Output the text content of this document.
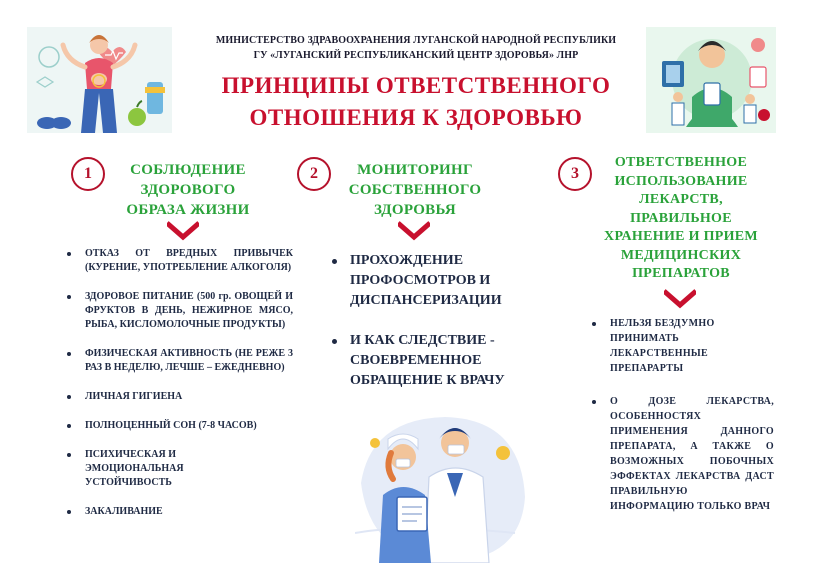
МИНИСТЕРСТВО ЗДРАВООХРАНЕНИЯ ЛУГАНСКОЙ НАРОДНОЙ РЕСПУБЛИКИ
ГУ «ЛУГАНСКИЙ РЕСПУБЛИКАНСКИЙ ЦЕНТР ЗДОРОВЬЯ» ЛНР
ПРИНЦИПЫ ОТВЕТСТВЕННОГО
ОТНОШЕНИЯ К ЗДОРОВЬЮ
1	СОБЛЮДЕНИЕ
ЗДОРОВОГО
ОБРАЗА ЖИЗНИ
ОТКАЗ ОТ ВРЕДНЫХ ПРИВЫЧЕК (КУРЕНИЕ, УПОТРЕБЛЕНИЕ АЛКОГОЛЯ)
ЗДОРОВОЕ ПИТАНИЕ (500 гр. ОВОЩЕЙ И ФРУКТОВ В ДЕНЬ, НЕЖИРНОЕ МЯСО, РЫБА, КИСЛОМОЛОЧНЫЕ ПРОДУКТЫ)
ФИЗИЧЕСКАЯ АКТИВНОСТЬ (НЕ РЕЖЕ 3 РАЗ В НЕДЕЛЮ, ЛЕЧШЕ – ЕЖЕДНЕВНО)
ЛИЧНАЯ ГИГИЕНА
ПОЛНОЦЕННЫЙ СОН (7-8 ЧАСОВ)
ПСИХИЧЕСКАЯ И ЭМОЦИОНАЛЬНАЯ УСТОЙЧИВОСТЬ
ЗАКАЛИВАНИЕ
2	МОНИТОРИНГ
СОБСТВЕННОГО
ЗДОРОВЬЯ
ПРОХОЖДЕНИЕ ПРОФОСМОТРОВ И ДИСПАНСЕРИЗАЦИИ
И КАК СЛЕДСТВИЕ - СВОЕВРЕМЕННОЕ ОБРАЩЕНИЕ К ВРАЧУ
3
ОТВЕТСТВЕННОЕ
ИСПОЛЬЗОВАНИЕ
ЛЕКАРСТВ,
ПРАВИЛЬНОЕ
ХРАНЕНИЕ И ПРИЕМ
МЕДИЦИНСКИХ
ПРЕПАРАТОВ
НЕЛЬЗЯ БЕЗДУМНО ПРИНИМАТЬ ЛЕКАРСТВЕННЫЕ ПРЕПАРАРТЫ
О ДОЗЕ ЛЕКАРСТВА, ОСОБЕННОСТЯХ ПРИМЕНЕНИЯ ДАННОГО ПРЕПАРАТА, А ТАКЖЕ О ВОЗМОЖНЫХ ПОБОЧНЫХ ЭФФЕКТАХ ЛЕКАРСТВА ДАСТ ПРАВИЛЬНУЮ ИНФОРМАЦИЮ ТОЛЬКО ВРАЧ
